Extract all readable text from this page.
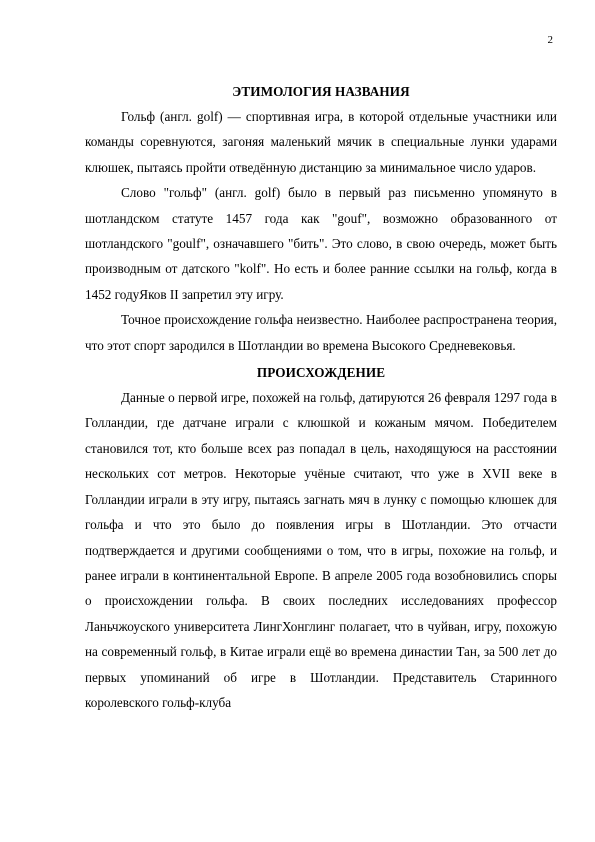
2
ЭТИМОЛОГИЯ НАЗВАНИЯ

Гольф (англ. golf) — спортивная игра, в которой отдельные участники или команды соревнуются, загоняя маленький мячик в специальные лунки ударами клюшек, пытаясь пройти отведённую дистанцию за минимальное число ударов.

Слово "гольф" (англ. golf) было в первый раз письменно упомянуто в шотландском статуте 1457 года как "gouf", возможно образованного от шотландского "goulf", означавшего "бить". Это слово, в свою очередь, может быть производным от датского "kolf". Но есть и более ранние ссылки на гольф, когда в 1452 годуЯков II запретил эту игру.

Точное происхождение гольфа неизвестно. Наиболее распространена теория, что этот спорт зародился в Шотландии во времена Высокого Средневековья.

ПРОИСХОЖДЕНИЕ

Данные о первой игре, похожей на гольф, датируются 26 февраля 1297 года в Голландии, где датчане играли с клюшкой и кожаным мячом. Победителем становился тот, кто больше всех раз попадал в цель, находящуюся на расстоянии нескольких сот метров. Некоторые учёные считают, что уже в XVII веке в Голландии играли в эту игру, пытаясь загнать мяч в лунку с помощью клюшек для гольфа и что это было до появления игры в Шотландии. Это отчасти подтверждается и другими сообщениями о том, что в игры, похожие на гольф, и ранее играли в континентальной Европе. В апреле 2005 года возобновились споры о происхождении гольфа. В своих последних исследованиях профессор Ланьчжоуского университета ЛингХонглинг полагает, что в чуйван, игру, похожую на современный гольф, в Китае играли ещё во времена династии Тан, за 500 лет до первых упоминаний об игре в Шотландии. Представитель Старинного королевского гольф-клуба
